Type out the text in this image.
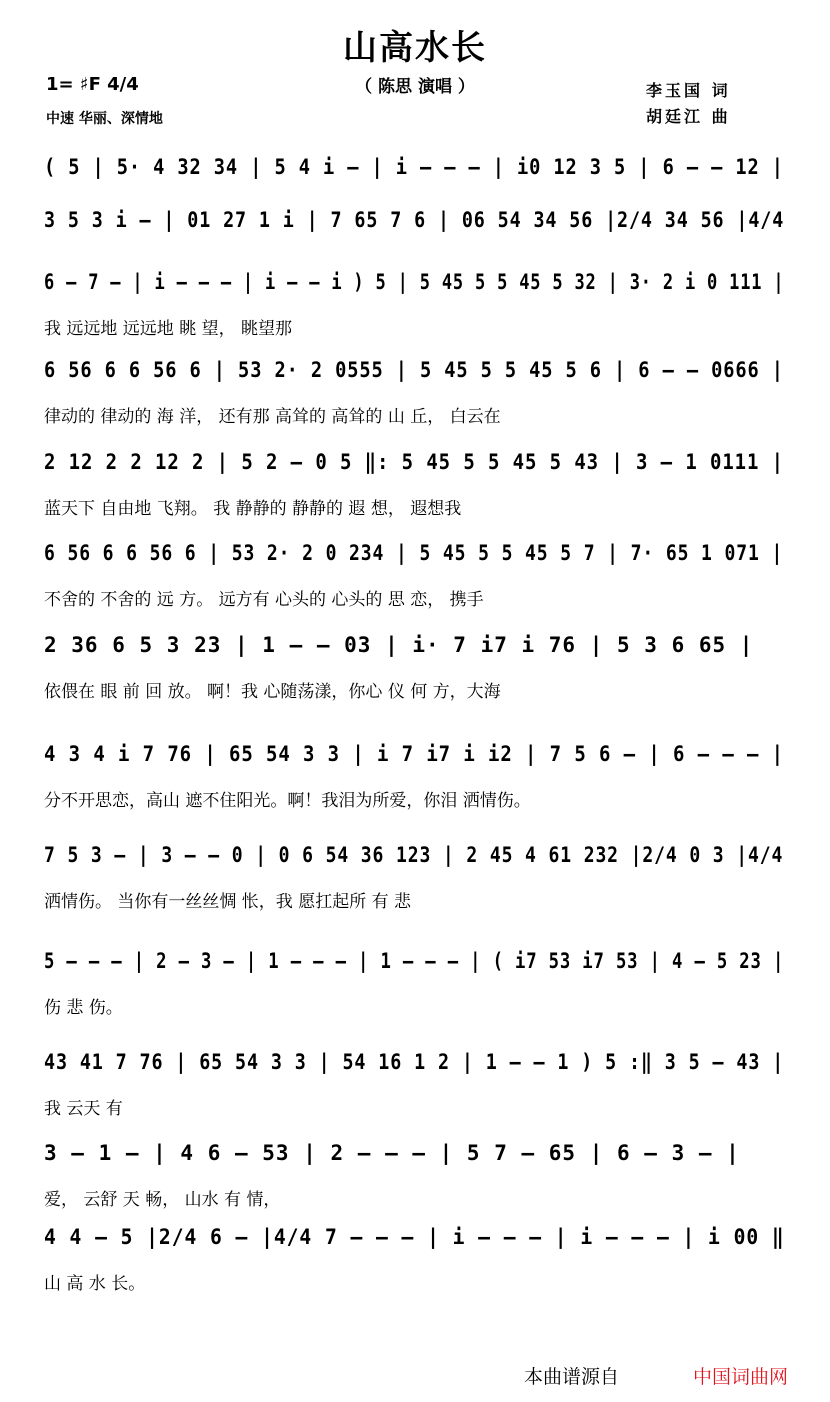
山高水长
（ 陈思 演唱 ）
1= ♯F 4/4
中速 华丽、深情地
李玉国 词
胡廷江 曲
( 5 | 5· 4 32 34 | 5 4 i – | i – – – | i0 12 3 5 | 6 – – 12 |
3 5 3 i – | 01 27 1 i | 7 65 7 6 | 06 54 34 56 |2/4 34 56 |4/4
6 – 7 – | i – – – | i – – i ) 5 | 5 45 5 5 45 5 32 | 3· 2 i 0 111 |
我 远远地 远远地 眺 望， 眺望那
6 56 6 6 56 6 | 53 2· 2 0555 | 5 45 5 5 45 5 6 | 6 – – 0666 |
律动的 律动的 海 洋， 还有那 高耸的 高耸的 山 丘， 白云在
2 12 2 2 12 2 | 5 2 – 0 5 ‖: 5 45 5 5 45 5 43 | 3 – 1 0111 |
蓝天下 自由地 飞翔。 我 静静的 静静的 遐 想， 遐想我
6 56 6 6 56 6 | 53 2· 2 0 234 | 5 45 5 5 45 5 7 | 7· 65 1 071 |
不舍的 不舍的 远 方。 远方有 心头的 心头的 思 恋， 携手
2 36 6 5 3 23 | 1 – – 03 | i· 7 i7 i 76 | 5 3 6 65 |
依偎在 眼 前 回 放。 啊！我 心随荡漾，你心 仪 何 方，大海
4 3 4 i 7 76 | 65 54 3 3 | i 7 i7 i i2 | 7 5 6 – | 6 – – – |
分不开思恋，高山 遮不住阳光。啊！我泪为所爱，你泪 洒情伤。
7 5 3 – | 3 – – 0 | 0 6 54 36 123 | 2 45 4 61 232 |2/4 0 3 |4/4
洒情伤。 当你有一丝丝惆 怅，我 愿扛起所 有 悲
5 – – – | 2 – 3 – | 1 – – – | 1 – – – | ( i7 53 i7 53 | 4 – 5 23 |
伤 悲 伤。
43 41 7 76 | 65 54 3 3 | 54 16 1 2 | 1 – – 1 ) 5 :‖ 3 5 – 43 |
我 云天 有
3 – 1 – | 4 6 – 53 | 2 – – – | 5 7 – 65 | 6 – 3 – |
爱， 云舒 天 畅， 山水 有 情，
4 4 – 5 |2/4 6 – |4/4 7 – – – | i – – – | i – – – | i 00 ‖
山 高 水 长。
本曲谱源自	中国词曲网
